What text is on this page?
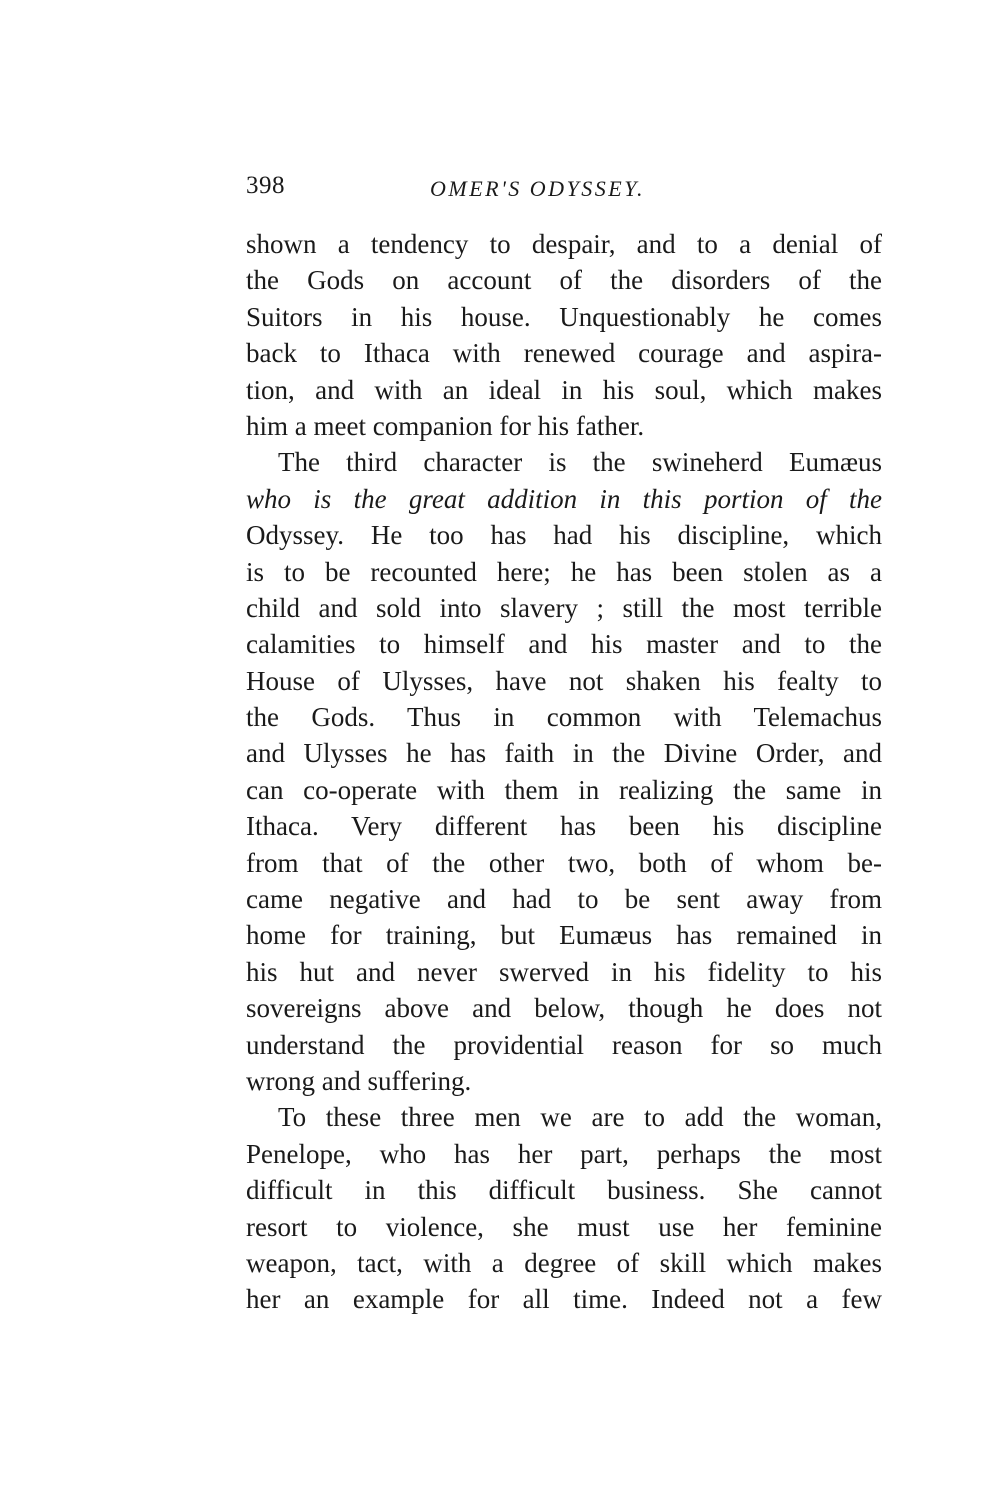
398	OMER'S ODYSSEY.
shown a tendency to despair, and to a denial of
the Gods on account of the disorders of the
Suitors in his house. Unquestionably he comes
back to Ithaca with renewed courage and aspira-
tion, and with an ideal in his soul, which makes
him a meet companion for his father.
The third character is the swineherd Eumæus
who is the great addition in this portion of the
Odyssey. He too has had his discipline, which
is to be recounted here; he has been stolen as a
child and sold into slavery ; still the most terrible
calamities to himself and his master and to the
House of Ulysses, have not shaken his fealty to
the Gods. Thus in common with Telemachus
and Ulysses he has faith in the Divine Order, and
can co-operate with them in realizing the same in
Ithaca. Very different has been his discipline
from that of the other two, both of whom be-
came negative and had to be sent away from
home for training, but Eumæus has remained in
his hut and never swerved in his fidelity to his
sovereigns above and below, though he does not
understand the providential reason for so much
wrong and suffering.
To these three men we are to add the woman,
Penelope, who has her part, perhaps the most
difficult in this difficult business. She cannot
resort to violence, she must use her feminine
weapon, tact, with a degree of skill which makes
her an example for all time. Indeed not a few
